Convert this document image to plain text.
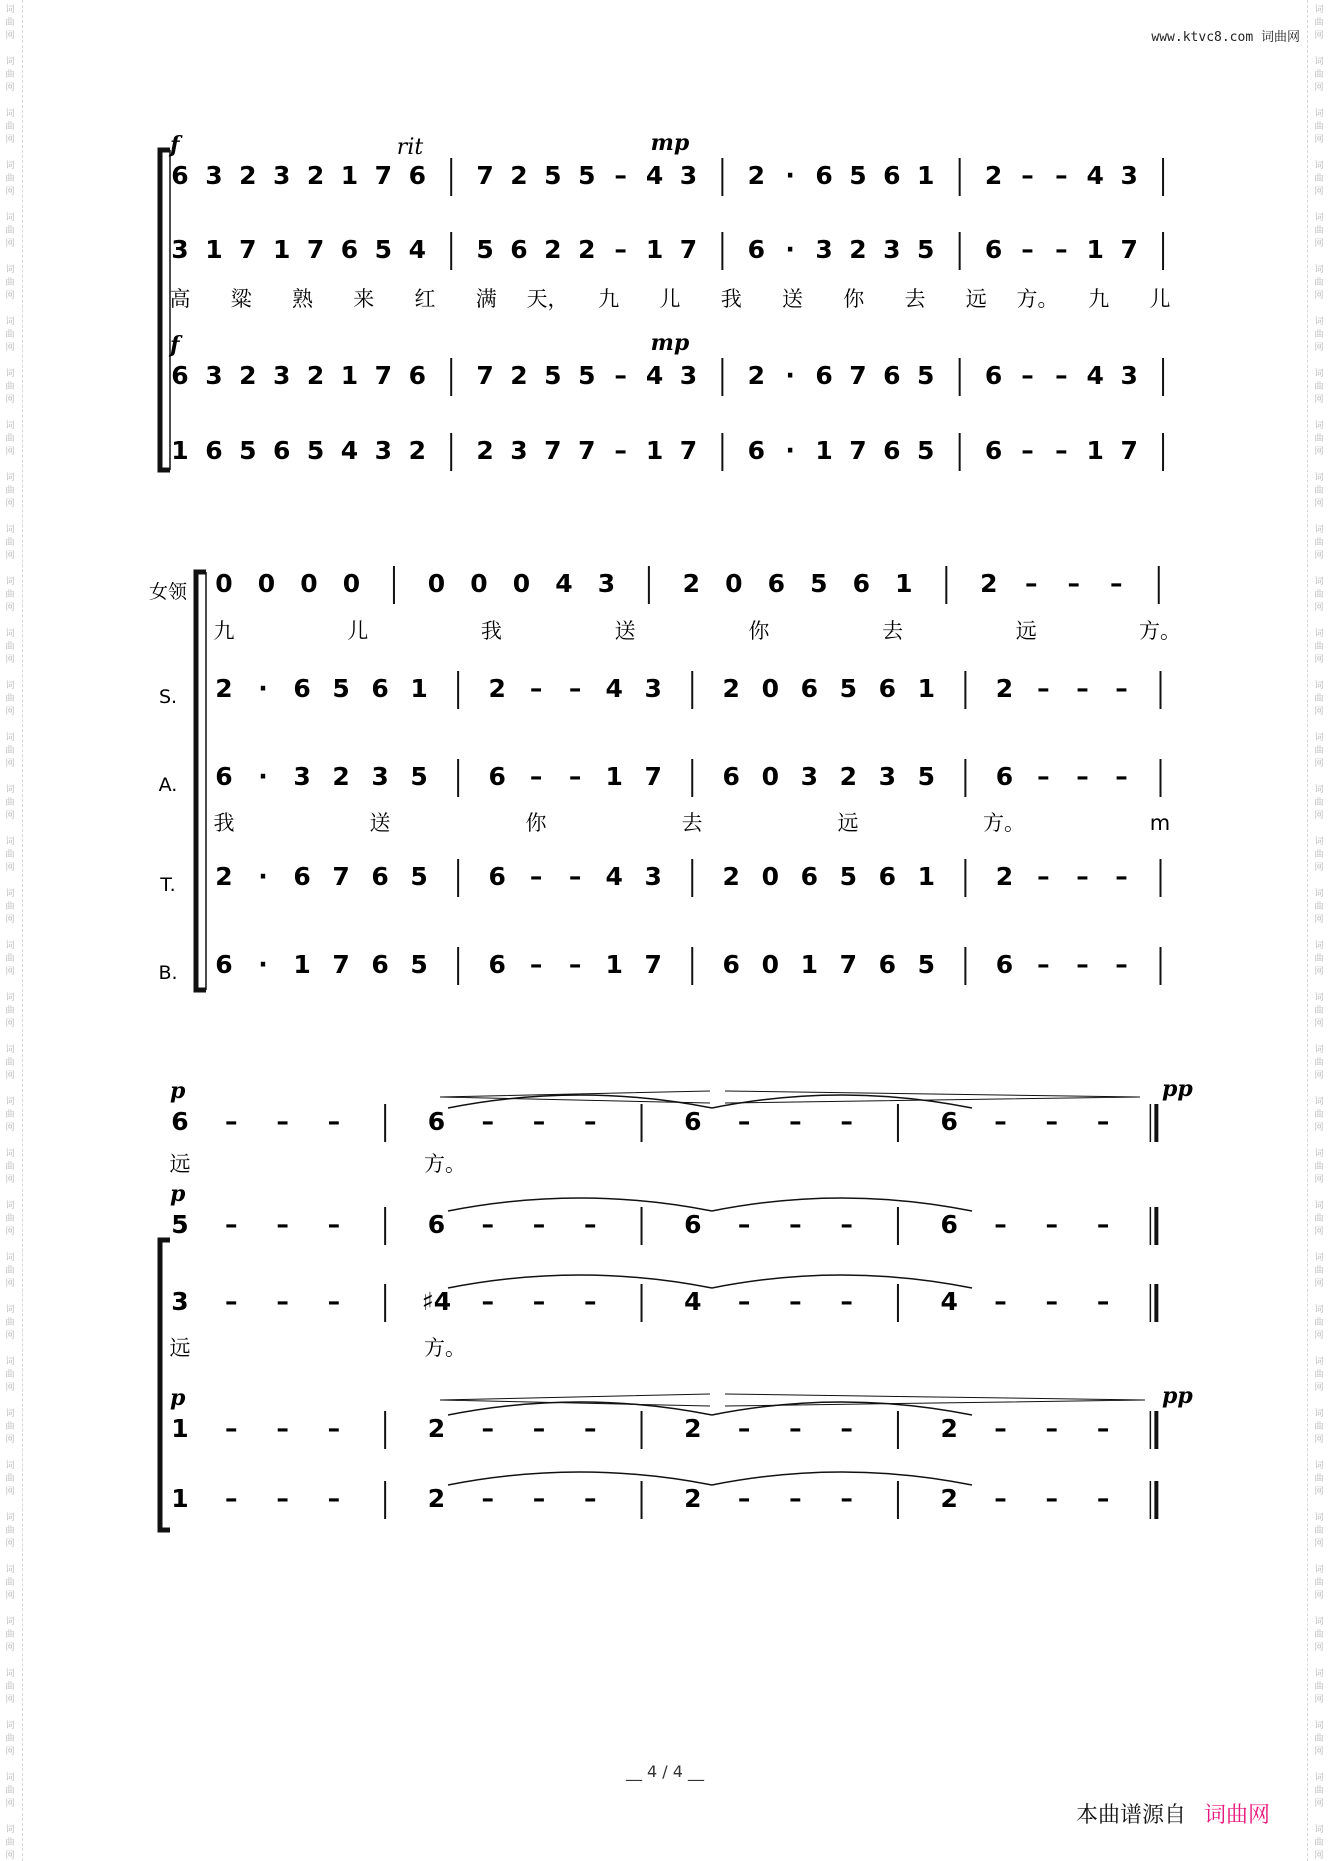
www.ktvc8.com 词曲网
词
曲
网
词
曲
网
词
曲
网
词
曲
网
词
曲
网
词
曲
网
词
曲
网
词
曲
网
词
曲
网
词
曲
网
词
曲
网
词
曲
网
词
曲
网
词
曲
网
词
曲
网
词
曲
网
词
曲
网
词
曲
网
词
曲
网
词
曲
网
词
曲
网
词
曲
网
词
曲
网
词
曲
网
词
曲
网
词
曲
网
词
曲
网
词
曲
网
词
曲
网
词
曲
网
词
曲
网
词
曲
网
词
曲
网
词
曲
网
词
曲
网
词
曲
网
词
曲
网
词
曲
网
词
曲
网
词
曲
网
词
曲
网
词
曲
网
词
曲
网
词
曲
网
词
曲
网
词
曲
网
词
曲
网
词
曲
网
词
曲
网
词
曲
网
词
曲
网
词
曲
网
词
曲
网
词
曲
网
词
曲
网
词
曲
网
词
曲
网
词
曲
网
词
曲
网
词
曲
网
词
曲
网
词
曲
网
词
曲
网
词
曲
网
词
曲
网
词
曲
网
词
曲
网
词
曲
网
词
曲
网
词
曲
网
词
曲
网
词
曲
网
f	rit	mp
6 3 2 3 2 1 7 6 7 2 5 5 – 4 3 2 · 6 5 6 1 2 – – 4 3
3 1 7 1 7 6 5 4 5 6 2 2 – 1 7 6 · 3 2 3 5 6 – – 1 7
高 粱 熟 来 红 满 天， 九 儿 我 送 你 去 远 方。 九 儿
f	mp
6 3 2 3 2 1 7 6 7 2 5 5 – 4 3 2 · 6 7 6 5 6 – – 4 3
1 6 5 6 5 4 3 2 2 3 7 7 – 1 7 6 · 1 7 6 5 6 – – 1 7
女领 0 0 0 0	0 0 0 4 3	2 0 6 5 6 1	2 – – –
九	儿	我	送	你	去	远	方。
S. 2 · 6 5 6 1 2 – – 4 3 2 0 6 5 6 1 2 – – –
A. 6 · 3 2 3 5 6 – – 1 7 6 0 3 2 3 5 6 – – –
我	送	你	去	远	方。	m
T. 2 · 6 7 6 5 6 – – 4 3 2 0 6 5 6 1 2 – – –
B. 6 · 1 7 6 5 6 – – 1 7 6 0 1 7 6 5 6 – – –
p	pp
6 – – –	6 – – –	6 – – –	6 – – –
远	方。
p
5 – – –	6 – – –	6 – – –	6 – – –
3 – – –	♯4 – – –	4 – – –	4 – – –
远	方。
p	pp
1 – – –	2 – – –	2 – – –	2 – – –
1 – – –	2 – – –	2 – – –	2 – – –
__ 4 / 4 __
本曲谱源自 词曲网
